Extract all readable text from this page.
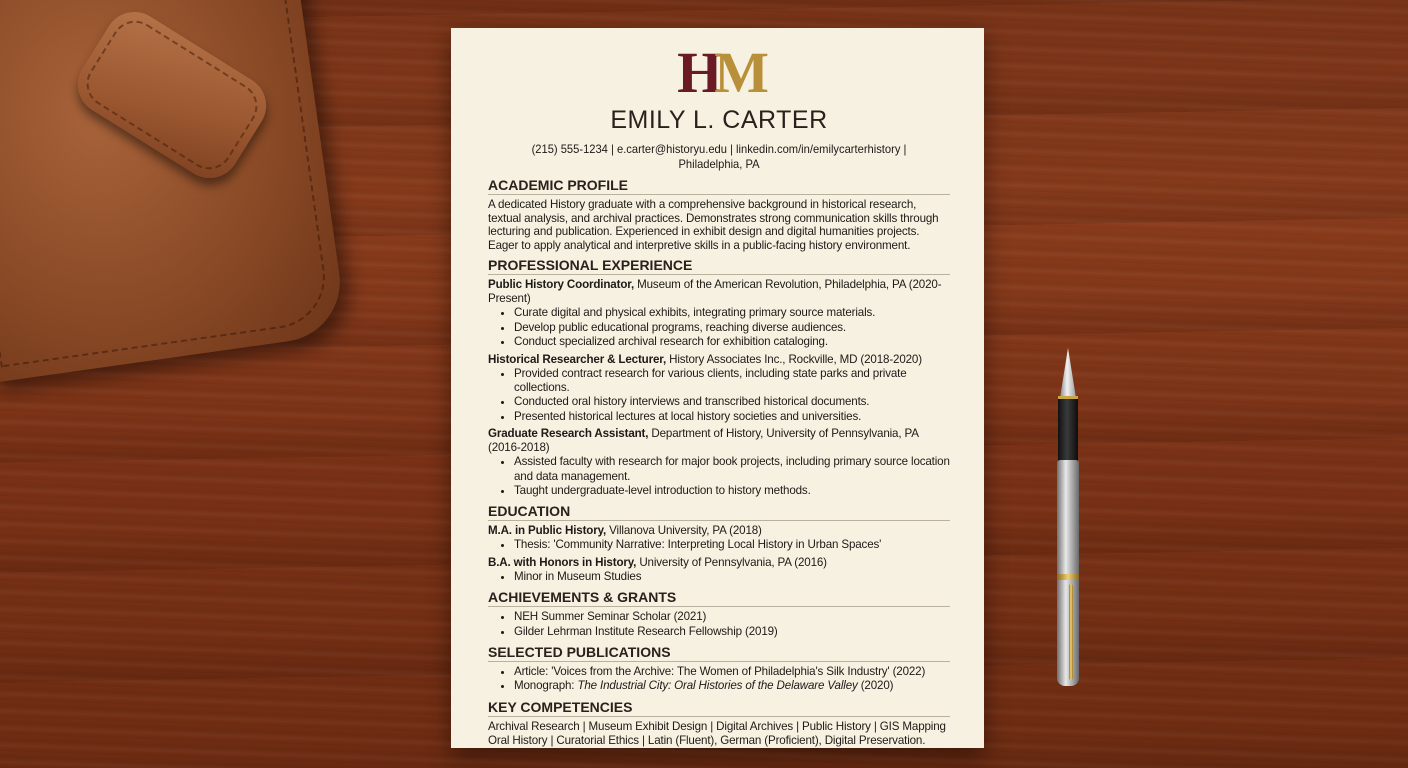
HM
EMILY L. CARTER
(215) 555-1234 | e.carter@historyu.edu | linkedin.com/in/emilycarterhistory | Philadelphia, PA
ACADEMIC PROFILE
A dedicated History graduate with a comprehensive background in historical research, textual analysis, and archival practices. Demonstrates strong communication skills through lecturing and publication. Experienced in exhibit design and digital humanities projects. Eager to apply analytical and interpretive skills in a public-facing history environment.
PROFESSIONAL EXPERIENCE
Public History Coordinator, Museum of the American Revolution, Philadelphia, PA (2020-Present)
• Curate digital and physical exhibits, integrating primary source materials.
• Develop public educational programs, reaching diverse audiences.
• Conduct specialized archival research for exhibition cataloging.
Historical Researcher & Lecturer, History Associates Inc., Rockville, MD (2018-2020)
• Provided contract research for various clients, including state parks and private collections.
• Conducted oral history interviews and transcribed historical documents.
• Presented historical lectures at local history societies and universities.
Graduate Research Assistant, Department of History, University of Pennsylvania, PA (2016-2018)
• Assisted faculty with research for major book projects, including primary source location and data management.
• Taught undergraduate-level introduction to history methods.
EDUCATION
M.A. in Public History, Villanova University, PA (2018)
• Thesis: 'Community Narrative: Interpreting Local History in Urban Spaces'
B.A. with Honors in History, University of Pennsylvania, PA (2016)
• Minor in Museum Studies
ACHIEVEMENTS & GRANTS
• NEH Summer Seminar Scholar (2021)
• Gilder Lehrman Institute Research Fellowship (2019)
SELECTED PUBLICATIONS
• Article: 'Voices from the Archive: The Women of Philadelphia's Silk Industry' (2022)
• Monograph: The Industrial City: Oral Histories of the Delaware Valley (2020)
KEY COMPETENCIES
Archival Research | Museum Exhibit Design | Digital Archives | Public History | GIS Mapping
Oral History | Curatorial Ethics | Latin (Fluent), German (Proficient), Digital Preservation.
